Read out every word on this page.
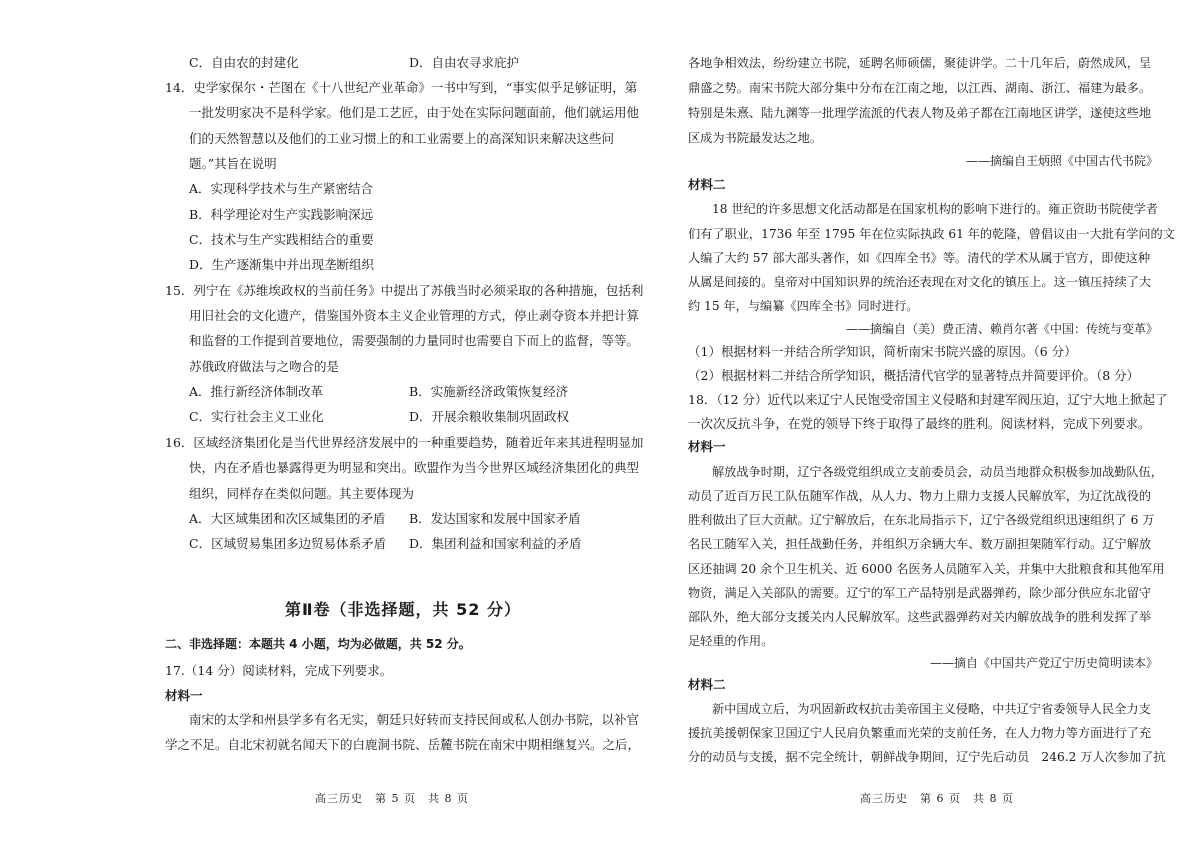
C．自由农的封建化	D．自由农寻求庇护
14．史学家保尔・芒图在《十八世纪产业革命》一书中写到，“事实似乎足够证明，第
一批发明家决不是科学家。他们是工艺匠，由于处在实际问题面前，他们就运用他
们的天然智慧以及他们的工业习惯上的和工业需要上的高深知识来解决这些问
题。”其旨在说明
A．实现科学技术与生产紧密结合
B．科学理论对生产实践影响深远
C．技术与生产实践相结合的重要
D．生产逐渐集中并出现垄断组织
15．列宁在《苏维埃政权的当前任务》中提出了苏俄当时必须采取的各种措施，包括利
用旧社会的文化遗产，借鉴国外资本主义企业管理的方式，停止剥夺资本并把计算
和监督的工作提到首要地位，需要强制的力量同时也需要自下而上的监督，等等。
苏俄政府做法与之吻合的是
A．推行新经济体制改革	B．实施新经济政策恢复经济
C．实行社会主义工业化	D．开展余粮收集制巩固政权
16．区域经济集团化是当代世界经济发展中的一种重要趋势，随着近年来其进程明显加
快，内在矛盾也暴露得更为明显和突出。欧盟作为当今世界区域经济集团化的典型
组织，同样存在类似问题。其主要体现为
A．大区域集团和次区域集团的矛盾 B．发达国家和发展中国家矛盾
C．区域贸易集团多边贸易体系矛盾 D．集团利益和国家利益的矛盾
第Ⅱ卷（非选择题，共 52 分）
二、非选择题：本题共 4 小题，均为必做题，共 52 分。
17.（14 分）阅读材料，完成下列要求。
材料一
南宋的太学和州县学多有名无实，朝廷只好转而支持民间或私人创办书院，以补官
学之不足。自北宋初就名闻天下的白鹿洞书院、岳麓书院在南宋中期相继复兴。之后，
高三历史　第 5 页　共 8 页
各地争相效法，纷纷建立书院，延聘名师硕儒，聚徒讲学。二十几年后，蔚然成风，呈
鼎盛之势。南宋书院大部分集中分布在江南之地，以江西、湖南、浙江、福建为最多。
特别是朱熹、陆九渊等一批理学流派的代表人物及弟子都在江南地区讲学，遂使这些地
区成为书院最发达之地。
——摘编自王炳照《中国古代书院》
材料二
18 世纪的许多思想文化活动都是在国家机构的影响下进行的。雍正资助书院使学者
们有了职业，1736 年至 1795 年在位实际执政 61 年的乾隆，曾倡议由一大批有学问的文
人编了大约 57 部大部头著作，如《四库全书》等。清代的学术从属于官方，即使这种
从属是间接的。皇帝对中国知识界的统治还表现在对文化的镇压上。这一镇压持续了大
约 15 年，与编纂《四库全书》同时进行。
——摘编自（美）费正清、赖肖尔著《中国：传统与变革》
（1）根据材料一并结合所学知识，简析南宋书院兴盛的原因。（6 分）
（2）根据材料二并结合所学知识，概括清代官学的显著特点并简要评价。（8 分）
18．（12 分）近代以来辽宁人民饱受帝国主义侵略和封建军阀压迫，辽宁大地上掀起了
一次次反抗斗争，在党的领导下终于取得了最终的胜利。阅读材料，完成下列要求。
材料一
解放战争时期，辽宁各级党组织成立支前委员会，动员当地群众积极参加战勤队伍，
动员了近百万民工队伍随军作战，从人力、物力上鼎力支援人民解放军，为辽沈战役的
胜利做出了巨大贡献。辽宁解放后，在东北局指示下，辽宁各级党组织迅速组织了 6 万
名民工随军入关，担任战勤任务，并组织万余辆大车、数万副担架随军行动。辽宁解放
区还抽调 20 余个卫生机关、近 6000 名医务人员随军入关，并集中大批粮食和其他军用
物资，满足入关部队的需要。辽宁的军工产品特别是武器弹药，除少部分供应东北留守
部队外，绝大部分支援关内人民解放军。这些武器弹药对关内解放战争的胜利发挥了举
足轻重的作用。
——摘自《中国共产党辽宁历史简明读本》
材料二
新中国成立后，为巩固新政权抗击美帝国主义侵略，中共辽宁省委领导人民全力支
援抗美援朝保家卫国辽宁人民肩负繁重而光荣的支前任务，在人力物力等方面进行了充
分的动员与支援，据不完全统计，朝鲜战争期间，辽宁先后动员　246.2 万人次参加了抗
高三历史　第 6 页　共 8 页
